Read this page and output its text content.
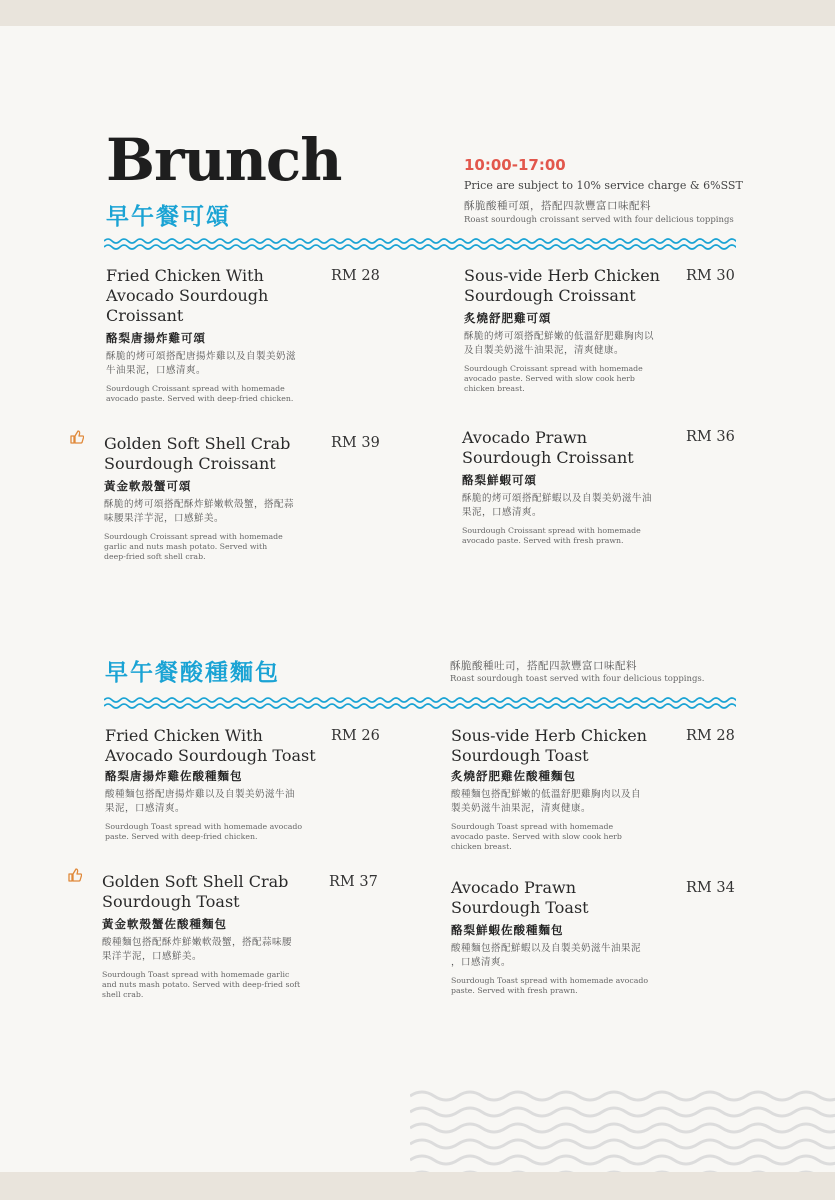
Brunch
早午餐可頌
10:00-17:00
Price are subject to 10% service charge & 6%SST
酥脆酸種可頌，搭配四款豐富口味配料
Roast sourdough croissant served with four delicious toppings
Fried Chicken With
Avocado Sourdough
Croissant
酪梨唐揚炸雞可頌
酥脆的烤可頌搭配唐揚炸雞以及自製美奶滋
牛油果泥，口感清爽。
Sourdough Croissant spread with homemade
avocado paste. Served with deep-fried chicken.
RM 28	Sous-vide Herb Chicken
Sourdough Croissant
炙燒舒肥雞可頌
酥脆的烤可頌搭配鮮嫩的低溫舒肥雞胸肉以
及自製美奶滋牛油果泥，清爽健康。
Sourdough Croissant spread with homemade
avocado paste. Served with slow cook herb
chicken breast.
RM 30
Golden Soft Shell Crab
Sourdough Croissant
黃金軟殼蟹可頌
酥脆的烤可頌搭配酥炸鮮嫩軟殼蟹，搭配蒜
味腰果洋芋泥，口感鮮美。
Sourdough Croissant spread with homemade
garlic and nuts mash potato. Served with
deep-fried soft shell crab.
RM 39	Avocado Prawn
Sourdough Croissant
酪梨鮮蝦可頌
酥脆的烤可頌搭配鮮蝦以及自製美奶滋牛油
果泥，口感清爽。
Sourdough Croissant spread with homemade
avocado paste. Served with fresh prawn.
RM 36
早午餐酸種麵包	酥脆酸種吐司，搭配四款豐富口味配料
Roast sourdough toast served with four delicious toppings.
Fried Chicken With
Avocado Sourdough Toast
酪梨唐揚炸雞佐酸種麵包
酸種麵包搭配唐揚炸雞以及自製美奶滋牛油
果泥，口感清爽。
Sourdough Toast spread with homemade avocado
paste. Served with deep-fried chicken.
RM 26	Sous-vide Herb Chicken
Sourdough Toast
炙燒舒肥雞佐酸種麵包
酸種麵包搭配鮮嫩的低溫舒肥雞胸肉以及自
製美奶滋牛油果泥，清爽健康。
Sourdough Toast spread with homemade
avocado paste. Served with slow cook herb
chicken breast.
RM 28
Golden Soft Shell Crab
Sourdough Toast
黃金軟殼蟹佐酸種麵包
酸種麵包搭配酥炸鮮嫩軟殼蟹，搭配蒜味腰
果洋芋泥，口感鮮美。
Sourdough Toast spread with homemade garlic
and nuts mash potato. Served with deep-fried soft
shell crab.
RM 37	Avocado Prawn
Sourdough Toast
酪梨鮮蝦佐酸種麵包
酸種麵包搭配鮮蝦以及自製美奶滋牛油果泥
，口感清爽。
Sourdough Toast spread with homemade avocado
paste. Served with fresh prawn.
RM 34
